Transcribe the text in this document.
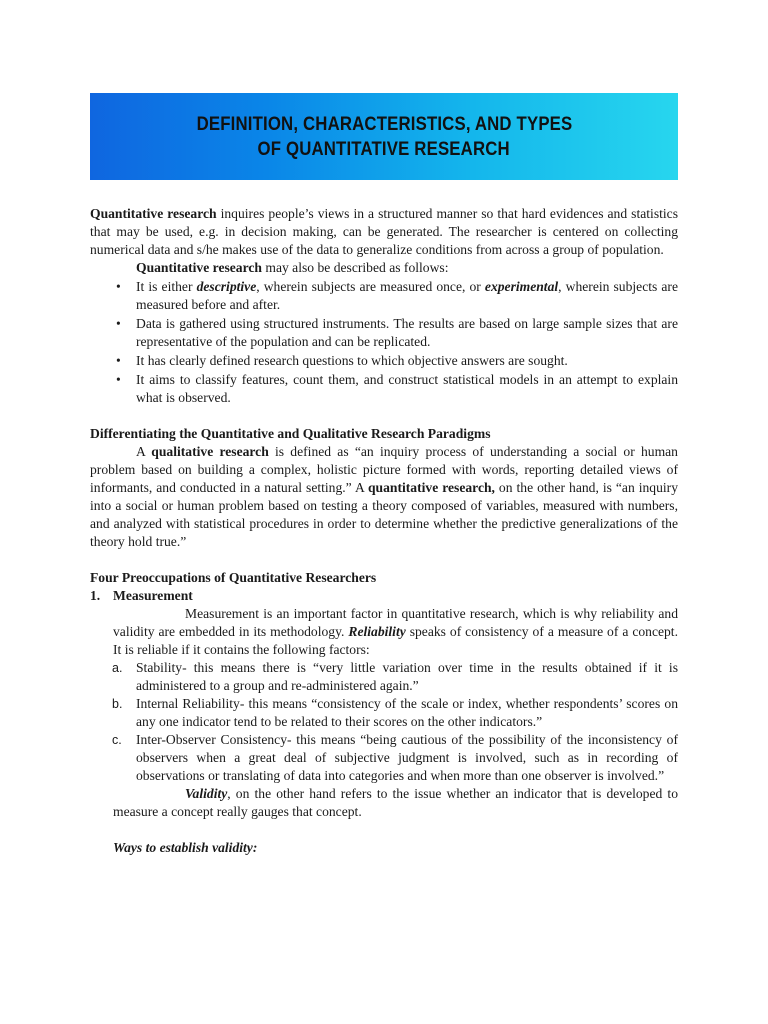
DEFINITION, CHARACTERISTICS, AND TYPES
OF QUANTITATIVE RESEARCH

Quantitative research inquires people’s views in a structured manner so that hard evidences and statistics that may be used, e.g. in decision making, can be generated. The researcher is centered on collecting numerical data and s/he makes use of the data to generalize conditions from across a group of population.

Quantitative research may also be described as follows:

• It is either descriptive, wherein subjects are measured once, or experimental, wherein subjects are measured before and after.
• Data is gathered using structured instruments. The results are based on large sample sizes that are representative of the population and can be replicated.
• It has clearly defined research questions to which objective answers are sought.
• It aims to classify features, count them, and construct statistical models in an attempt to explain what is observed.

Differentiating the Quantitative and Qualitative Research Paradigms

A qualitative research is defined as “an inquiry process of understanding a social or human problem based on building a complex, holistic picture formed with words, reporting detailed views of informants, and conducted in a natural setting.” A quantitative research, on the other hand, is “an inquiry into a social or human problem based on testing a theory composed of variables, measured with numbers, and analyzed with statistical procedures in order to determine whether the predictive generalizations of the theory hold true.”

Four Preoccupations of Quantitative Researchers

1. Measurement

Measurement is an important factor in quantitative research, which is why reliability and validity are embedded in its methodology. Reliability speaks of consistency of a measure of a concept. It is reliable if it contains the following factors:

a. Stability- this means there is “very little variation over time in the results obtained if it is administered to a group and re-administered again.”
b. Internal Reliability- this means “consistency of the scale or index, whether respondents’ scores on any one indicator tend to be related to their scores on the other indicators.”
c. Inter-Observer Consistency- this means “being cautious of the possibility of the inconsistency of observers when a great deal of subjective judgment is involved, such as in recording of observations or translating of data into categories and when more than one observer is involved.”

Validity, on the other hand refers to the issue whether an indicator that is developed to measure a concept really gauges that concept.

Ways to establish validity:
